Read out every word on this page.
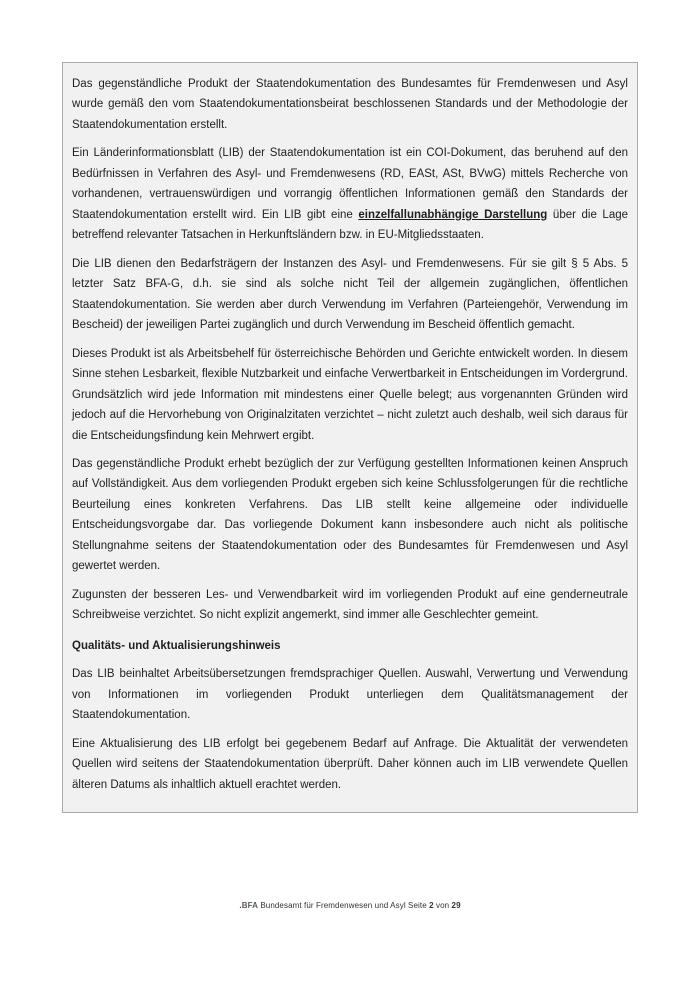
Das gegenständliche Produkt der Staatendokumentation des Bundesamtes für Fremdenwesen und Asyl wurde gemäß den vom Staatendokumentationsbeirat beschlossenen Standards und der Methodologie der Staatendokumentation erstellt.

Ein Länderinformationsblatt (LIB) der Staatendokumentation ist ein COI-Dokument, das beruhend auf den Bedürfnissen in Verfahren des Asyl- und Fremdenwesens (RD, EASt, ASt, BVwG) mittels Recherche von vorhandenen, vertrauenswürdigen und vorrangig öffentlichen Informationen gemäß den Standards der Staatendokumentation erstellt wird. Ein LIB gibt eine einzelfallunabhängige Darstellung über die Lage betreffend relevanter Tatsachen in Herkunftsländern bzw. in EU-Mitgliedsstaaten.

Die LIB dienen den Bedarfsträgern der Instanzen des Asyl- und Fremdenwesens. Für sie gilt § 5 Abs. 5 letzter Satz BFA-G, d.h. sie sind als solche nicht Teil der allgemein zugänglichen, öffentlichen Staatendokumentation. Sie werden aber durch Verwendung im Verfahren (Parteiengehör, Verwendung im Bescheid) der jeweiligen Partei zugänglich und durch Verwendung im Bescheid öffentlich gemacht.

Dieses Produkt ist als Arbeitsbehelf für österreichische Behörden und Gerichte entwickelt worden. In diesem Sinne stehen Lesbarkeit, flexible Nutzbarkeit und einfache Verwertbarkeit in Entscheidungen im Vordergrund. Grundsätzlich wird jede Information mit mindestens einer Quelle belegt; aus vorgenannten Gründen wird jedoch auf die Hervorhebung von Originalzitaten verzichtet – nicht zuletzt auch deshalb, weil sich daraus für die Entscheidungsfindung kein Mehrwert ergibt.

Das gegenständliche Produkt erhebt bezüglich der zur Verfügung gestellten Informationen keinen Anspruch auf Vollständigkeit. Aus dem vorliegenden Produkt ergeben sich keine Schlussfolgerungen für die rechtliche Beurteilung eines konkreten Verfahrens. Das LIB stellt keine allgemeine oder individuelle Entscheidungsvorgabe dar. Das vorliegende Dokument kann insbesondere auch nicht als politische Stellungnahme seitens der Staatendokumentation oder des Bundesamtes für Fremdenwesen und Asyl gewertet werden.

Zugunsten der besseren Les- und Verwendbarkeit wird im vorliegenden Produkt auf eine genderneutrale Schreibweise verzichtet. So nicht explizit angemerkt, sind immer alle Geschlechter gemeint.

Qualitäts- und Aktualisierungshinweis

Das LIB beinhaltet Arbeitsübersetzungen fremdsprachiger Quellen. Auswahl, Verwertung und Verwendung von Informationen im vorliegenden Produkt unterliegen dem Qualitätsmanagement der Staatendokumentation.

Eine Aktualisierung des LIB erfolgt bei gegebenem Bedarf auf Anfrage. Die Aktualität der verwendeten Quellen wird seitens der Staatendokumentation überprüft. Daher können auch im LIB verwendete Quellen älteren Datums als inhaltlich aktuell erachtet werden.

.BFA Bundesamt für Fremdenwesen und Asyl Seite 2 von 29
